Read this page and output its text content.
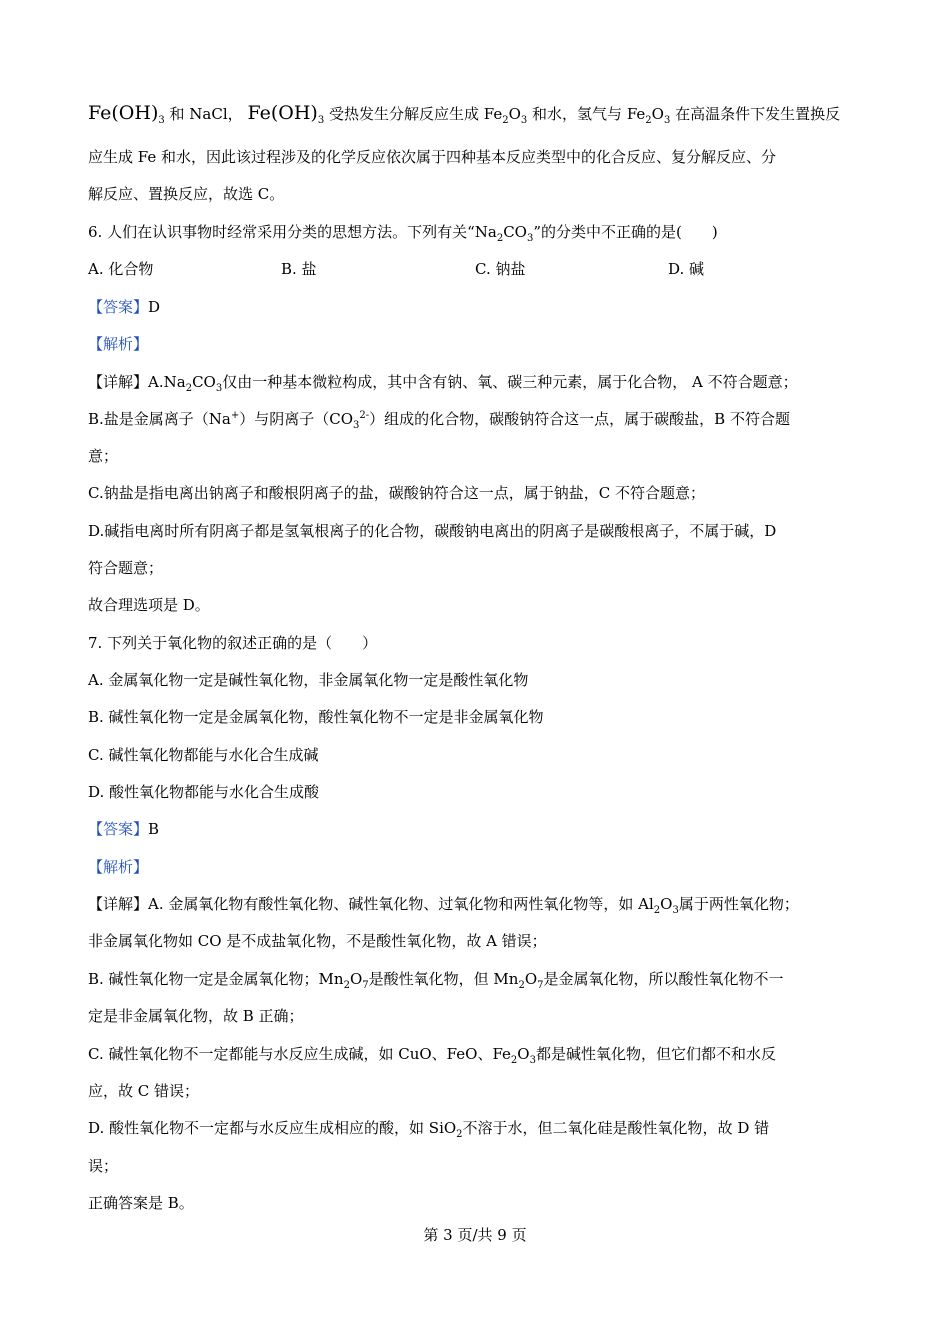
$Fe(OH)_3$ 和 NaCl， $Fe(OH)_3$ 受热发生分解反应生成 $Fe_2O_3$ 和水，氢气与 $Fe_2O_3$ 在高温条件下发生置换反
应生成 Fe 和水，因此该过程涉及的化学反应依次属于四种基本反应类型中的化合反应、复分解反应、分
解反应、置换反应，故选 C。
6. 人们在认识事物时经常采用分类的思想方法。下列有关“$Na_2CO_3$”的分类中不正确的是(　　)
A. 化合物	B. 盐	C. 钠盐	D. 碱
【答案】D
【解析】
【详解】$A.Na_2CO_3$仅由一种基本微粒构成，其中含有钠、氧、碳三种元素，属于化合物， A 不符合题意；
B.盐是金属离子（Na+）与阴离子$(CO_3^{2-})$组成的化合物，碳酸钠符合这一点，属于碳酸盐，B 不符合题
意；
C.钠盐是指电离出钠离子和酸根阴离子的盐，碳酸钠符合这一点，属于钠盐，C 不符合题意；
D.碱指电离时所有阴离子都是氢氧根离子的化合物，碳酸钠电离出的阴离子是碳酸根离子，不属于碱，D
符合题意；
故合理选项是 D。
7. 下列关于氧化物的叙述正确的是（　　）
A. 金属氧化物一定是碱性氧化物，非金属氧化物一定是酸性氧化物
B. 碱性氧化物一定是金属氧化物，酸性氧化物不一定是非金属氧化物
C. 碱性氧化物都能与水化合生成碱
D. 酸性氧化物都能与水化合生成酸
【答案】B
【解析】
【详解】A. 金属氧化物有酸性氧化物、碱性氧化物、过氧化物和两性氧化物等，如 $Al_2O_3$属于两性氧化物；
非金属氧化物如 CO 是不成盐氧化物，不是酸性氧化物，故 A 错误；
B. 碱性氧化物一定是金属氧化物；$Mn_2O_7$是酸性氧化物，但 $Mn_2O_7$是金属氧化物，所以酸性氧化物不一
定是非金属氧化物，故 B 正确；
C. 碱性氧化物不一定都能与水反应生成碱，如 CuO、FeO、$Fe_2O_3$都是碱性氧化物，但它们都不和水反
应，故 C 错误；
D. 酸性氧化物不一定都与水反应生成相应的酸，如 SiO$_2$不溶于水，但二氧化硅是酸性氧化物，故 D 错
误；
正确答案是 B。
第 3 页/共 9 页
